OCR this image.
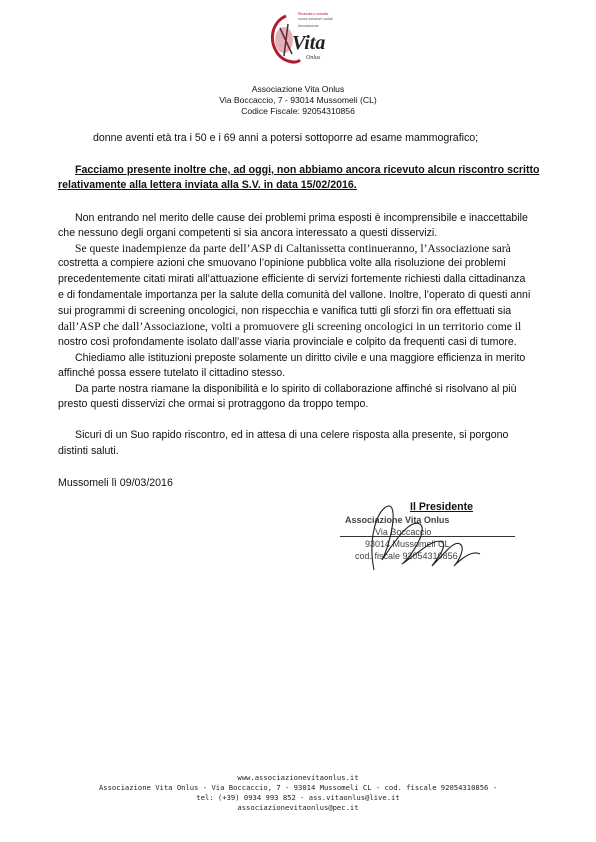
Rinascita e crescita
nuove soluzioni sociali
Associazione
Vita
Onlus
Associazione Vita Onlus
Via Boccaccio, 7 - 93014 Mussomeli (CL)
Codice Fiscale: 92054310856
donne aventi età tra i 50 e i 69 anni a potersi sottoporre ad esame mammografico;
Facciamo presente inoltre che, ad oggi, non abbiamo ancora ricevuto alcun riscontro scritto
relativamente alla lettera inviata alla S.V. in data 15/02/2016.
Non entrando nel merito delle cause dei problemi prima esposti è incomprensibile e inaccettabile
che nessuno degli organi competenti si sia ancora interessato a questi disservizi.
Se queste inadempienze da parte dell’ASP di Caltanissetta continueranno, l’Associazione sarà
costretta a compiere azioni che smuovano l’opinione pubblica volte alla risoluzione dei problemi
precedentemente citati mirati all’attuazione efficiente di servizi fortemente richiesti dalla cittadinanza
e di fondamentale importanza per la salute della comunità del vallone. Inoltre, l’operato di questi anni
sui programmi di screening oncologici, non rispecchia e vanifica tutti gli sforzi fin ora effettuati sia
dall’ASP che dall’Associazione, volti a promuovere gli screening oncologici in un territorio come il
nostro così profondamente isolato dall’asse viaria provinciale e colpito da frequenti casi di tumore.
Chiediamo alle istituzioni preposte solamente un diritto civile e una maggiore efficienza in merito
affinché possa essere tutelato il cittadino stesso.
Da parte nostra riamane la disponibilità e lo spirito di collaborazione affinché si risolvano al più
presto questi disservizi che ormai si protraggono da troppo tempo.
Sicuri di un Suo rapido riscontro, ed in attesa di una celere risposta alla presente, si porgono
distinti saluti.
Mussomeli lì 09/03/2016
Il Presidente
Associazione Vita Onlus
Via Boccaccio
93014 Mussomeli CL
cod. fiscale 92054310856
www.associazionevitaonlus.it
Associazione Vita Onlus - Via Boccaccio, 7 - 93014 Mussomeli CL - cod. fiscale 92054310856 -
tel: (+39) 0934 993 852 - ass.vitaonlus@live.it
associazionevitaonlus@pec.it
